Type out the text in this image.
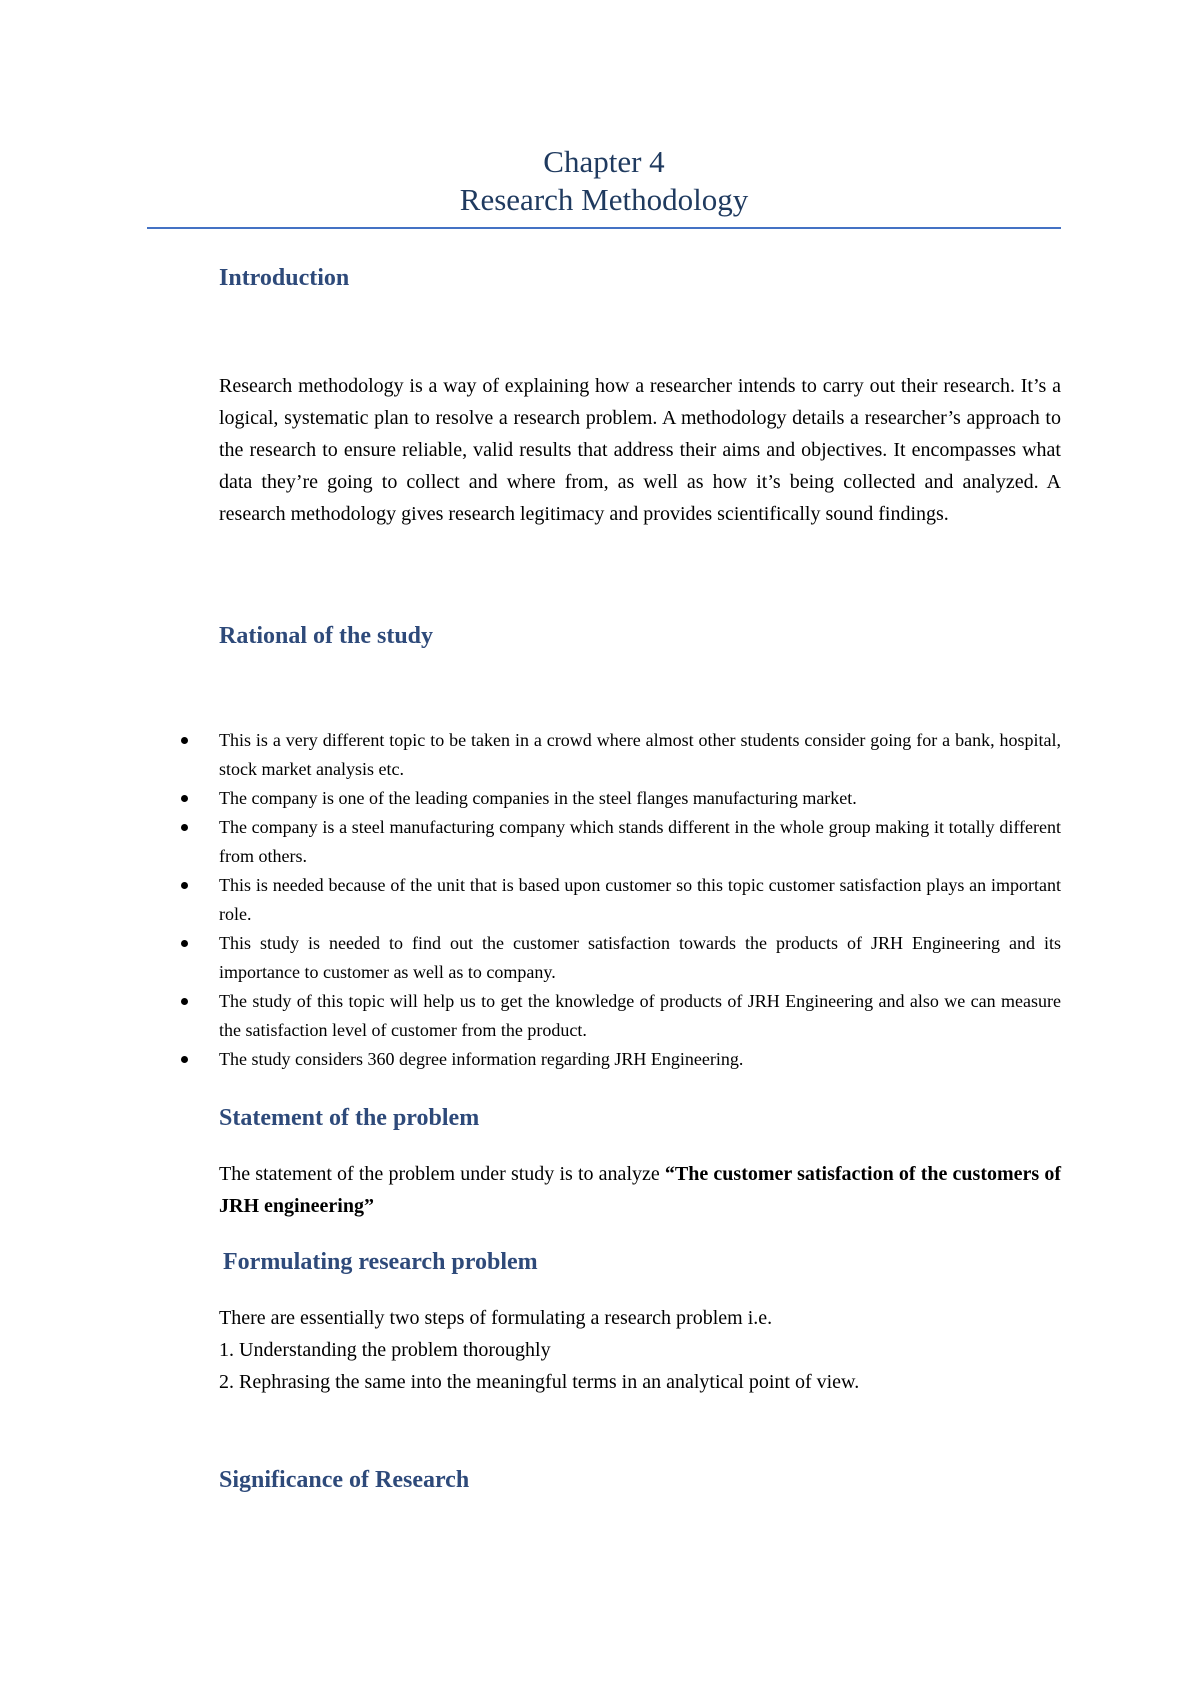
Chapter 4

Research Methodology

Introduction

Research methodology is a way of explaining how a researcher intends to carry out their research. It’s a logical, systematic plan to resolve a research problem. A methodology details a researcher’s approach to the research to ensure reliable, valid results that address their aims and objectives. It encompasses what data they’re going to collect and where from, as well as how it’s being collected and analyzed. A research methodology gives research legitimacy and provides scientifically sound findings.

Rational of the study
This is a very different topic to be taken in a crowd where almost other students consider going for a bank, hospital, stock market analysis etc.
The company is one of the leading companies in the steel flanges manufacturing market.
The company is a steel manufacturing company which stands different in the whole group making it totally different from others.
This is needed because of the unit that is based upon customer so this topic customer satisfaction plays an important role.
This study is needed to find out the customer satisfaction towards the products of JRH Engineering and its importance to customer as well as to company.
The study of this topic will help us to get the knowledge of products of JRH Engineering and also we can measure the satisfaction level of customer from the product.
The study considers 360 degree information regarding JRH Engineering.
Statement of the problem

The statement of the problem under study is to analyze “The customer satisfaction of the customers of JRH engineering”

Formulating research problem
There are essentially two steps of formulating a research problem i.e.
1. Understanding the problem thoroughly
2. Rephrasing the same into the meaningful terms in an analytical point of view.
Significance of Research
